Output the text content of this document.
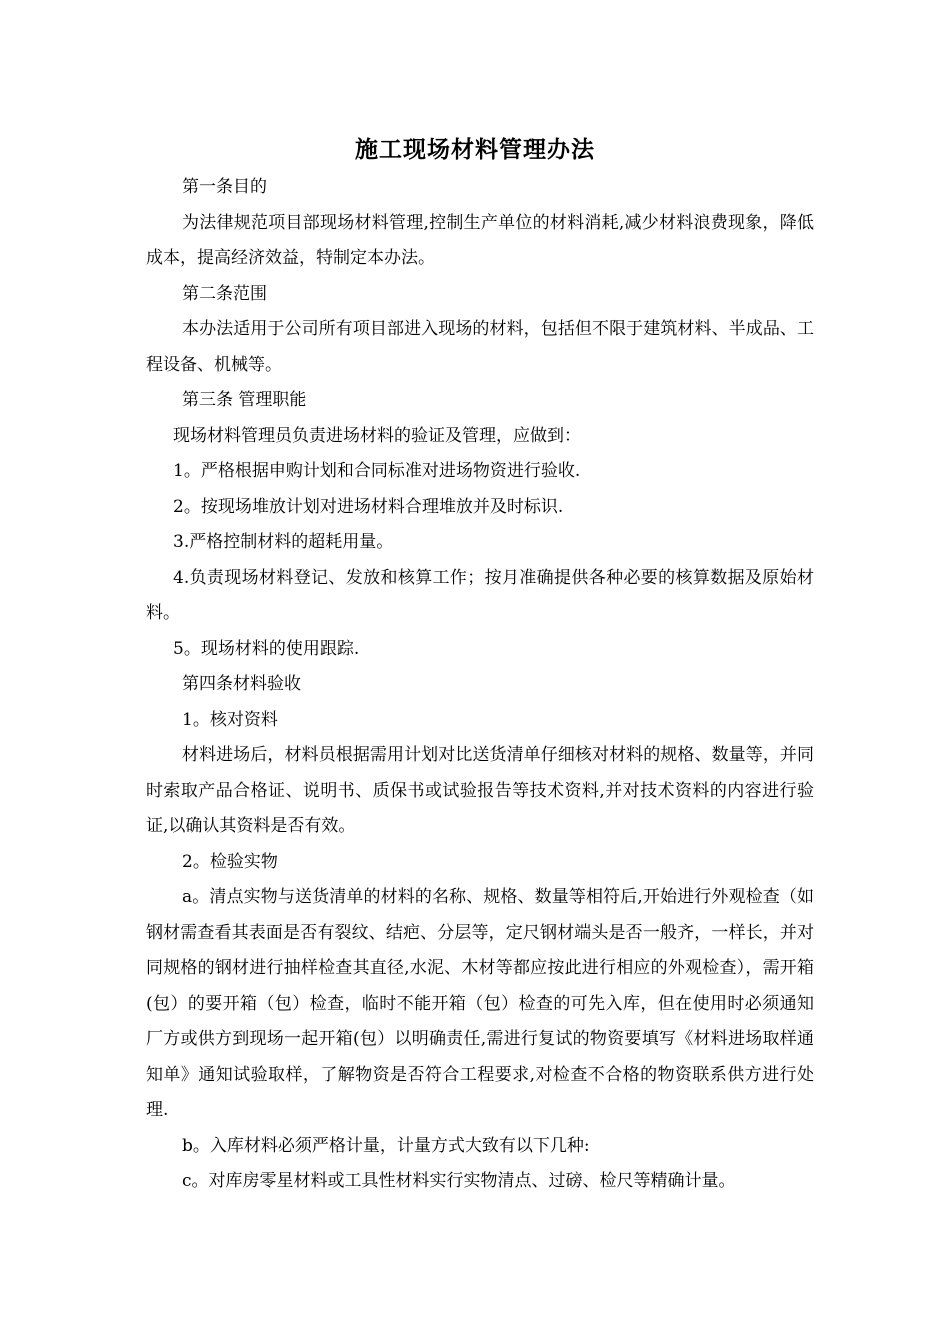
施工现场材料管理办法

第一条目的

为法律规范项目部现场材料管理,控制生产单位的材料消耗,减少材料浪费现象，降低成本，提高经济效益，特制定本办法。

第二条范围

本办法适用于公司所有项目部进入现场的材料，包括但不限于建筑材料、半成品、工程设备、机械等。

第三条 管理职能

现场材料管理员负责进场材料的验证及管理，应做到：

1。严格根据申购计划和合同标准对进场物资进行验收.

2。按现场堆放计划对进场材料合理堆放并及时标识.

3.严格控制材料的超耗用量。

4.负责现场材料登记、发放和核算工作；按月准确提供各种必要的核算数据及原始材料。

5。现场材料的使用跟踪.

第四条材料验收

1。核对资料

材料进场后，材料员根据需用计划对比送货清单仔细核对材料的规格、数量等，并同时索取产品合格证、说明书、质保书或试验报告等技术资料,并对技术资料的内容进行验证,以确认其资料是否有效。

2。检验实物

a。清点实物与送货清单的材料的名称、规格、数量等相符后,开始进行外观检查（如钢材需查看其表面是否有裂纹、结疤、分层等，定尺钢材端头是否一般齐，一样长，并对同规格的钢材进行抽样检查其直径,水泥、木材等都应按此进行相应的外观检查），需开箱(包）的要开箱（包）检查，临时不能开箱（包）检查的可先入库，但在使用时必须通知厂方或供方到现场一起开箱(包）以明确责任,需进行复试的物资要填写《材料进场取样通知单》通知试验取样，了解物资是否符合工程要求,对检查不合格的物资联系供方进行处理.

b。入库材料必须严格计量，计量方式大致有以下几种:

c。对库房零星材料或工具性材料实行实物清点、过磅、检尺等精确计量。
